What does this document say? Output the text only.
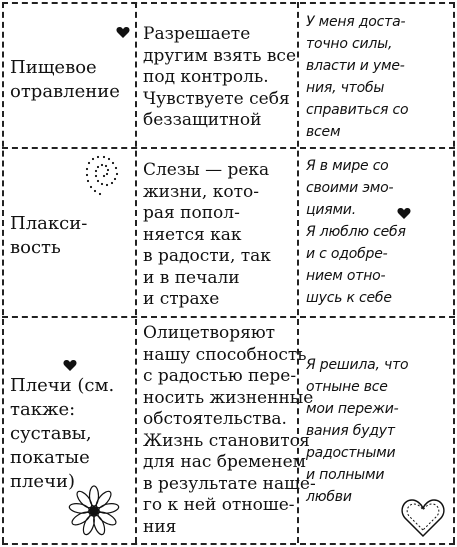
Пищевое
отравление
Разрешаете
другим взять все
под контроль.
Чувствуете себя
беззащитной
У меня доста-
точно силы,
власти и уме-
ния, чтобы
справиться со
всем
Плакси-
вость
Слезы — река
жизни, кото-
рая попол-
няется как
в радости, так
и в печали
и страхе
Я в мире со
своими эмо-
циями.
Я люблю себя
и с одобре-
нием отно-
шусь к себе
Плечи (см.
также:
суставы,
покатые
плечи)
Олицетворяют
нашу способность
с радостью пере-
носить жизненные
обстоятельства.
Жизнь становится
для нас бременем
в результате наше-
го к ней отноше-
ния
Я решила, что
отныне все
мои пережи-
вания будут
радостными
и полными
любви
